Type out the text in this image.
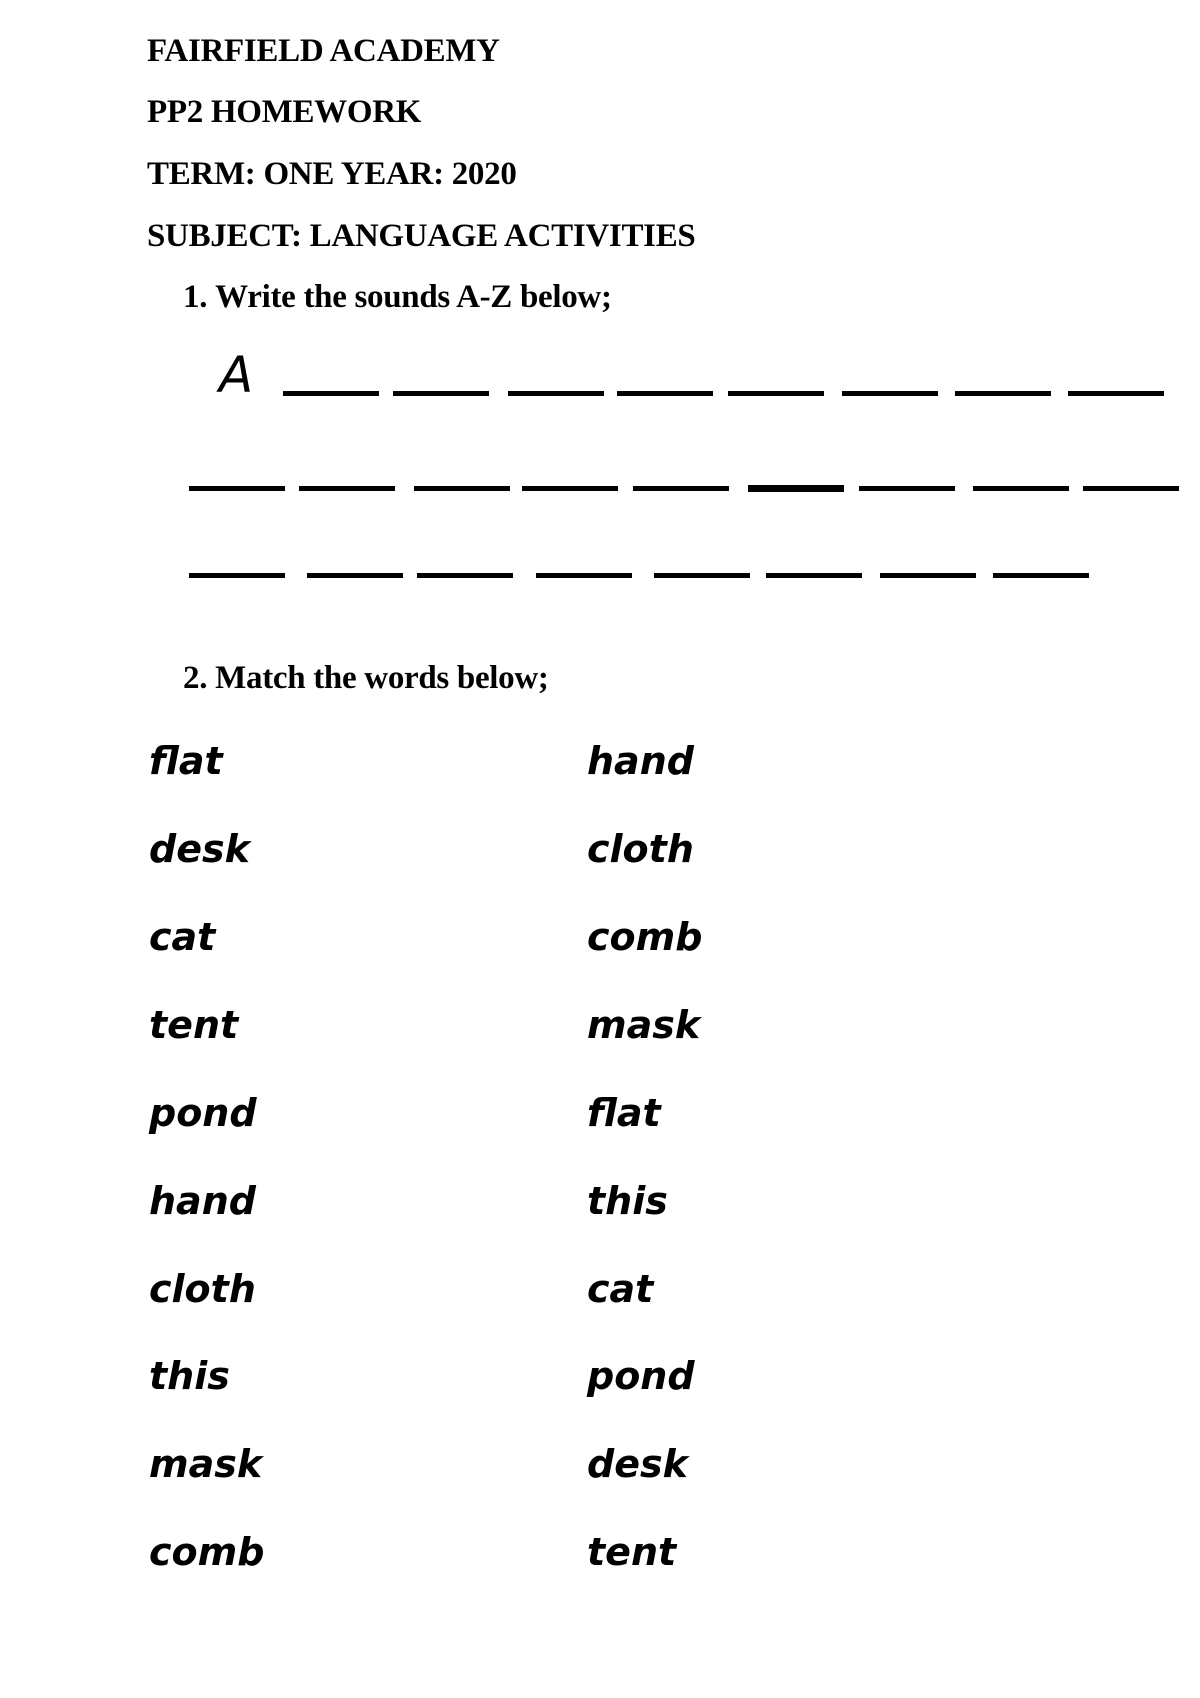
FAIRFIELD ACADEMY
PP2 HOMEWORK
TERM: ONE YEAR: 2020
SUBJECT: LANGUAGE ACTIVITIES
1. Write the sounds A-Z below;
A
2. Match the words below;
flat
desk
cat
tent
pond
hand
cloth
this
mask
comb
hand
cloth
comb
mask
flat
this
cat
pond
desk
tent
